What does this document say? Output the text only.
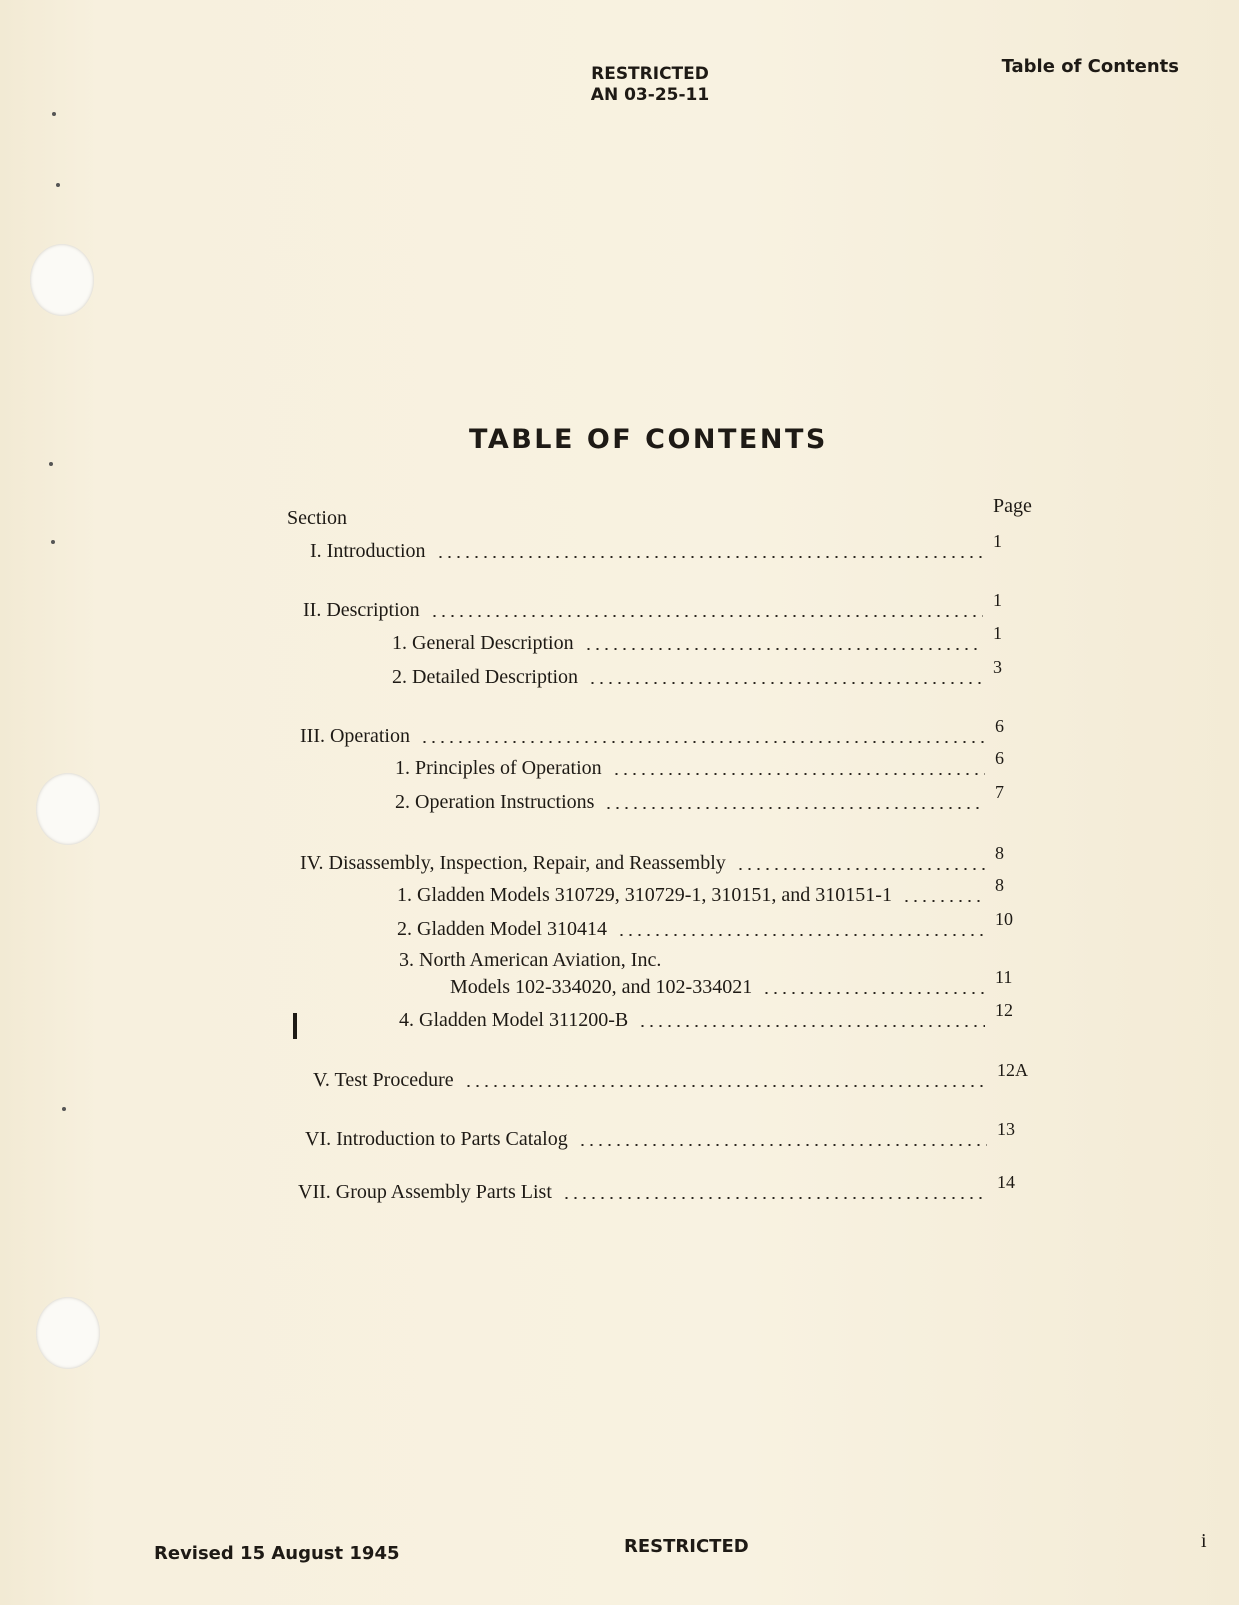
RESTRICTED
AN 03-25-11
Table of Contents
TABLE OF CONTENTS
Section
Page
I. Introduction	1
II. Description	1
1. General Description	1
2. Detailed Description	3
III. Operation	6
1. Principles of Operation	6
2. Operation Instructions	7
IV. Disassembly, Inspection, Repair, and Reassembly	8
1. Gladden Models 310729, 310729-1, 310151, and 310151-1	8
2. Gladden Model 310414	10
3. North American Aviation, Inc.
Models 102-334020, and 102-334021	11
4. Gladden Model 311200-B	12
V. Test Procedure	12A
VI. Introduction to Parts Catalog	13
VII. Group Assembly Parts List	14
Revised 15 August 1945	RESTRICTED	i
